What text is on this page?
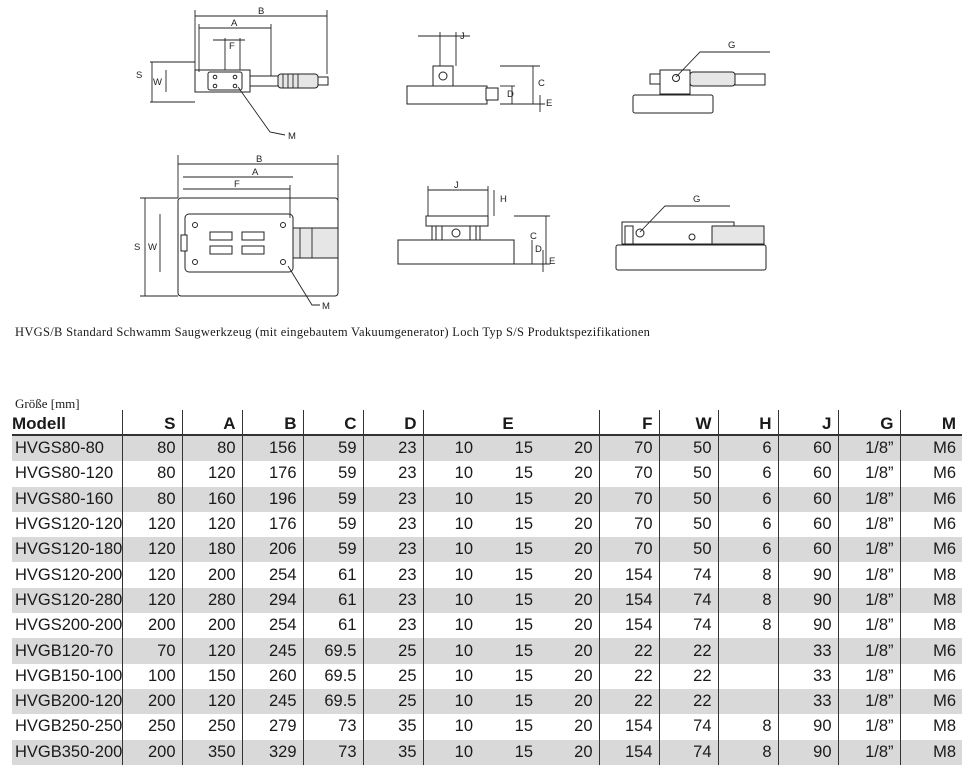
B
A
F
S
W
M
J
C
D
E
G
B
A
F
S W
M
J
H
C
D
E
G
HVGS/B Standard Schwamm Saugwerkzeug (mit eingebautem Vakuumgenerator) Loch Typ S/S Produktspezifikationen
Größe [mm]
Modell	S	A	B	C	D	E			F	W	H	J	G	M
HVGS80-80	80	80	156	59	23	10	15	20	70	50	6	60	1/8”	M6
HVGS80-120	80	120	176	59	23	10	15	20	70	50	6	60	1/8”	M6
HVGS80-160	80	160	196	59	23	10	15	20	70	50	6	60	1/8”	M6
HVGS120-120	120	120	176	59	23	10	15	20	70	50	6	60	1/8”	M6
HVGS120-180	120	180	206	59	23	10	15	20	70	50	6	60	1/8”	M6
HVGS120-200	120	200	254	61	23	10	15	20	154	74	8	90	1/8”	M8
HVGS120-280	120	280	294	61	23	10	15	20	154	74	8	90	1/8”	M8
HVGS200-200	200	200	254	61	23	10	15	20	154	74	8	90	1/8”	M8
HVGB120-70	70	120	245	69.5	25	10	15	20	22	22		33	1/8”	M6
HVGB150-100	100	150	260	69.5	25	10	15	20	22	22		33	1/8”	M6
HVGB200-120	200	120	245	69.5	25	10	15	20	22	22		33	1/8”	M6
HVGB250-250	250	250	279	73	35	10	15	20	154	74	8	90	1/8”	M8
HVGB350-200	200	350	329	73	35	10	15	20	154	74	8	90	1/8”	M8
